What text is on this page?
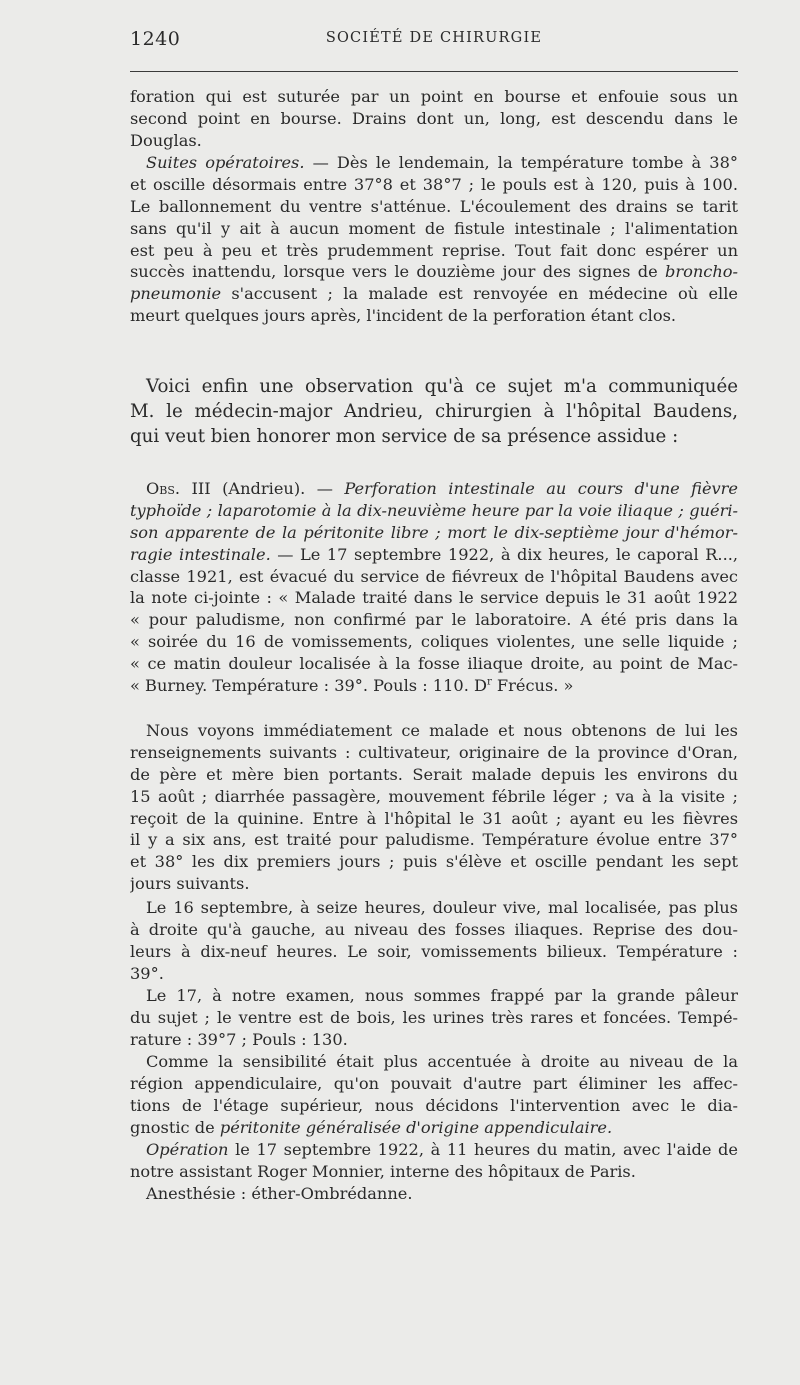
1240	SOCIÉTÉ DE CHIRURGIE
foration qui est suturée par un point en bourse et enfouie sous un
second point en bourse. Drains dont un, long, est descendu dans le
Douglas.
Suites opératoires. — Dès le lendemain, la température tombe à 38°
et oscille désormais entre 37°8 et 38°7 ; le pouls est à 120, puis à 100.
Le ballonnement du ventre s'atténue. L'écoulement des drains se tarit
sans qu'il y ait à aucun moment de fistule intestinale ; l'alimentation
est peu à peu et très prudemment reprise. Tout fait donc espérer un
succès inattendu, lorsque vers le douzième jour des signes de broncho-
pneumonie s'accusent ; la malade est renvoyée en médecine où elle
meurt quelques jours après, l'incident de la perforation étant clos.
Voici enfin une observation qu'à ce sujet m'a communiquée
M. le médecin-major Andrieu, chirurgien à l'hôpital Baudens,
qui veut bien honorer mon service de sa présence assidue :
Obs. III (Andrieu). — Perforation intestinale au cours d'une fièvre
typhoïde ; laparotomie à la dix-neuvième heure par la voie iliaque ; guéri-
son apparente de la péritonite libre ; mort le dix-septième jour d'hémor-
ragie intestinale. — Le 17 septembre 1922, à dix heures, le caporal R...,
classe 1921, est évacué du service de fiévreux de l'hôpital Baudens avec
la note ci-jointe : « Malade traité dans le service depuis le 31 août 1922
« pour paludisme, non confirmé par le laboratoire. A été pris dans la
« soirée du 16 de vomissements, coliques violentes, une selle liquide ;
« ce matin douleur localisée à la fosse iliaque droite, au point de Mac-
« Burney. Température : 39°. Pouls : 110. $D^r$ Frécus. »
Nous voyons immédiatement ce malade et nous obtenons de lui les
renseignements suivants : cultivateur, originaire de la province d'Oran,
de père et mère bien portants. Serait malade depuis les environs du
15 août ; diarrhée passagère, mouvement fébrile léger ; va à la visite ;
reçoit de la quinine. Entre à l'hôpital le 31 août ; ayant eu les fièvres
il y a six ans, est traité pour paludisme. Température évolue entre 37°
et 38° les dix premiers jours ; puis s'élève et oscille pendant les sept
jours suivants.
Le 16 septembre, à seize heures, douleur vive, mal localisée, pas plus
à droite qu'à gauche, au niveau des fosses iliaques. Reprise des dou-
leurs à dix-neuf heures. Le soir, vomissements bilieux. Température :
39°.
Le 17, à notre examen, nous sommes frappé par la grande pâleur
du sujet ; le ventre est de bois, les urines très rares et foncées. Tempé-
rature : 39°7 ; Pouls : 130.
Comme la sensibilité était plus accentuée à droite au niveau de la
région appendiculaire, qu'on pouvait d'autre part éliminer les affec-
tions de l'étage supérieur, nous décidons l'intervention avec le dia-
gnostic de péritonite généralisée d'origine appendiculaire.
Opération le 17 septembre 1922, à 11 heures du matin, avec l'aide de
notre assistant Roger Monnier, interne des hôpitaux de Paris.
Anesthésie : éther-Ombrédanne.
